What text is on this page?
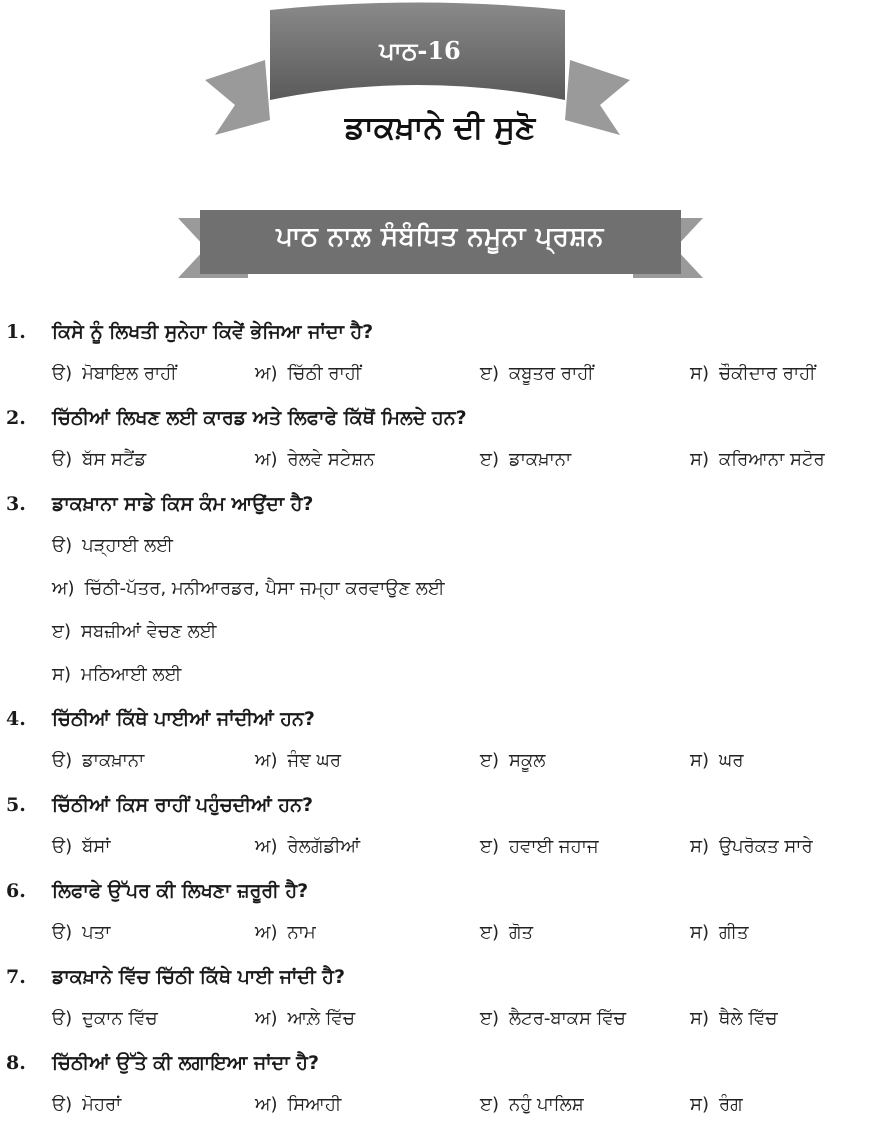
ਪਾਠ-16
ਡਾਕਖ਼ਾਨੇ ਦੀ ਸੁਣੋ
ਪਾਠ ਨਾਲ਼ ਸੰਬੰਧਿਤ ਨਮੂਨਾ ਪ੍ਰਸ਼ਨ
1.	ਕਿਸੇ ਨੂੰ ਲਿਖਤੀ ਸੁਨੇਹਾ ਕਿਵੇਂ ਭੇਜਿਆ ਜਾਂਦਾ ਹੈ?
ੳ) ਮੋਬਾਇਲ ਰਾਹੀਂ	ਅ) ਚਿੱਠੀ ਰਾਹੀਂ	ੲ) ਕਬੂਤਰ ਰਾਹੀਂ	ਸ) ਚੌਕੀਦਾਰ ਰਾਹੀਂ
2.	ਚਿੱਠੀਆਂ ਲਿਖਣ ਲਈ ਕਾਰਡ ਅਤੇ ਲਿਫਾਫੇ ਕਿੱਥੋਂ ਮਿਲਦੇ ਹਨ?
ੳ) ਬੱਸ ਸਟੈਂਡ	ਅ) ਰੇਲਵੇ ਸਟੇਸ਼ਨ	ੲ) ਡਾਕਖ਼ਾਨਾ	ਸ) ਕਰਿਆਨਾ ਸਟੋਰ
3.	ਡਾਕਖ਼ਾਨਾ ਸਾਡੇ ਕਿਸ ਕੰਮ ਆਉਂਦਾ ਹੈ?
ੳ) ਪੜ੍ਹਾਈ ਲਈ
ਅ) ਚਿੱਠੀ-ਪੱਤਰ, ਮਨੀਆਰਡਰ, ਪੈਸਾ ਜਮ੍ਹਾ ਕਰਵਾਉਣ ਲਈ
ੲ) ਸਬਜ਼ੀਆਂ ਵੇਚਣ ਲਈ
ਸ) ਮਠਿਆਈ ਲਈ
4.	ਚਿੱਠੀਆਂ ਕਿੱਥੇ ਪਾਈਆਂ ਜਾਂਦੀਆਂ ਹਨ?
ੳ) ਡਾਕਖ਼ਾਨਾ	ਅ) ਜੰਞ ਘਰ	ੲ) ਸਕੂਲ	ਸ) ਘਰ
5.	ਚਿੱਠੀਆਂ ਕਿਸ ਰਾਹੀਂ ਪਹੁੰਚਦੀਆਂ ਹਨ?
ੳ) ਬੱਸਾਂ	ਅ) ਰੇਲਗੱਡੀਆਂ	ੲ) ਹਵਾਈ ਜਹਾਜ	ਸ) ਉਪਰੋਕਤ ਸਾਰੇ
6.	ਲਿਫਾਫੇ ਉੱਪਰ ਕੀ ਲਿਖਣਾ ਜ਼ਰੂਰੀ ਹੈ?
ੳ) ਪਤਾ	ਅ) ਨਾਮ	ੲ) ਗੋਤ	ਸ) ਗੀਤ
7.	ਡਾਕਖ਼ਾਨੇ ਵਿੱਚ ਚਿੱਠੀ ਕਿੱਥੇ ਪਾਈ ਜਾਂਦੀ ਹੈ?
ੳ) ਦੁਕਾਨ ਵਿੱਚ	ਅ) ਆਲ਼ੇ ਵਿੱਚ	ੲ) ਲੈਟਰ-ਬਾਕਸ ਵਿੱਚ	ਸ) ਥੈਲੇ ਵਿੱਚ
8.	ਚਿੱਠੀਆਂ ਉੱਤੇ ਕੀ ਲਗਾਇਆ ਜਾਂਦਾ ਹੈ?
ੳ) ਮੋਹਰਾਂ	ਅ) ਸਿਆਹੀ	ੲ) ਨਹੁੰ ਪਾਲਿਸ਼	ਸ) ਰੰਗ
